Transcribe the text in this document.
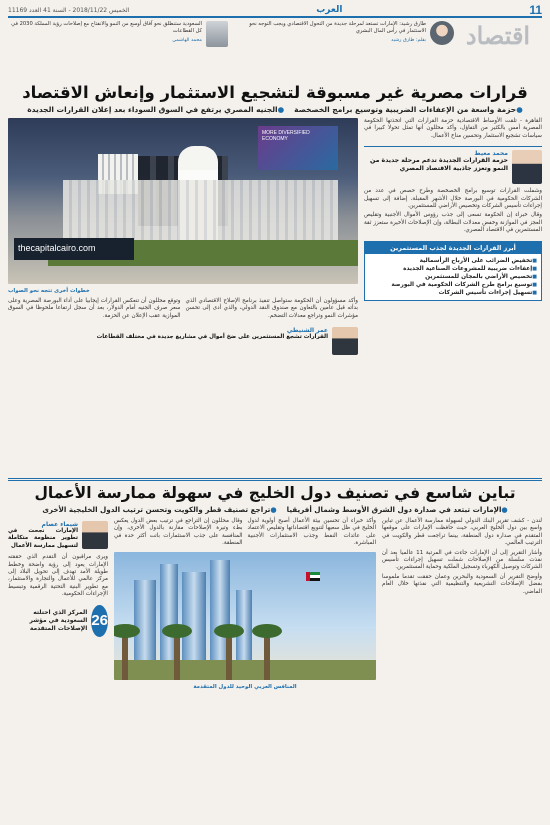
11
العرب
الخميس 2018/11/22 - السنة 41 العدد 11169
اقتصاد
طارق رشيد: الإمارات تستعد لمرحلة جديدة من التحول الاقتصادي ويجب التوجه نحو الاستثمار في رأس المال البشري
بقلم: طارق رشيد
السعودية ستنطلق نحو آفاق أوسع من النمو والانفتاح مع إصلاحات رؤية المملكة 2030 في كل القطاعات
محمد الهاشمي
قرارات مصرية غير مسبوقة لتشجيع الاستثمار وإنعاش الاقتصاد
● حزمة واسعة من الإعفاءات الضريبية وتوسيع برامج الخصخصة
● الجنيه المصري يرتفع في السوق السوداء بعد إعلان القرارات الجديدة

القاهرة - تلقت الأوساط الاقتصادية حزمة القرارات التي اتخذتها الحكومة المصرية أمس بالكثير من التفاؤل، وأكد محللون أنها تمثل تحولا كبيرا في سياسات تشجيع الاستثمار وتحسين مناخ الأعمال.

محمد معيط
حزمة القرارات الجديدة تدعم مرحلة جديدة من النمو وتعزز جاذبية الاقتصاد المصري

وشملت القرارات توسيع برامج الخصخصة وطرح حصص في عدد من الشركات الحكومية في البورصة خلال الأشهر المقبلة، إضافة إلى تسهيل إجراءات تأسيس الشركات وتخصيص الأراضي للمستثمرين.

وقال خبراء إن الحكومة تسعى إلى جذب رؤوس الأموال الأجنبية وتقليص العجز في الموازنة وخفض معدلات البطالة، وإن الإصلاحات الأخيرة ستعزز ثقة المستثمرين في الاقتصاد المصري.

أبرز القرارات الجديدة لجذب المستثمرين
■ تخفيض الضرائب على الأرباح الرأسمالية
■ إعفاءات ضريبية للمشروعات الصناعية الجديدة
■ تخصيص الأراضي بالمجان للمستثمرين
■ توسيع برامج طرح الشركات الحكومية في البورصة
■ تسهيل إجراءات تأسيس الشركات
MORE DIVERSIFIED ECONOMY
thecapitalcairo.com
خطوات أخرى تتجه نحو الصواب
وأكد مسؤولون أن الحكومة ستواصل تنفيذ برنامج الإصلاح الاقتصادي الذي بدأته قبل عامين بالتعاون مع صندوق النقد الدولي، والذي أدى إلى تحسن مؤشرات النمو وتراجع معدلات التضخم.
وتوقع محللون أن تنعكس القرارات إيجابيا على أداء البورصة المصرية وعلى سعر صرف الجنيه أمام الدولار، بعد أن سجل ارتفاعا ملحوظا في السوق الموازية عقب الإعلان عن الحزمة.
عمر الشنيطي
القرارات تشجع المستثمرين على ضخ أموال في مشاريع جديدة في مختلف القطاعات
تباين شاسع في تصنيف دول الخليج في سهولة ممارسة الأعمال
● الإمارات تبتعد في صدارة دول الشرق الأوسط وشمال أفريقيا
● تراجع تصنيف قطر والكويت وتحسن ترتيب الدول الخليجية الأخرى

لندن - كشف تقرير البنك الدولي لسهولة ممارسة الأعمال عن تباين واسع بين دول الخليج العربي، حيث حافظت الإمارات على موقعها المتقدم في صدارة دول المنطقة، بينما تراجعت قطر والكويت في الترتيب العالمي.

وأشار التقرير إلى أن الإمارات جاءت في المرتبة 11 عالميا بعد أن نفذت سلسلة من الإصلاحات شملت تسهيل إجراءات تأسيس الشركات وتوصيل الكهرباء وتسجيل الملكية وحماية المستثمرين.

وأوضح التقرير أن السعودية والبحرين وعمان حققت تقدما ملموسا بفضل الإصلاحات التشريعية والتنظيمية التي نفذتها خلال العام الماضي.

وأكد خبراء أن تحسين بيئة الأعمال أصبح أولوية لدول الخليج في ظل سعيها لتنويع اقتصاداتها وتقليص الاعتماد على عائدات النفط وجذب الاستثمارات الأجنبية المباشرة.
وقال محللون إن التراجع في ترتيب بعض الدول يعكس بطء وتيرة الإصلاحات مقارنة بالدول الأخرى، وإن المنافسة على جذب الاستثمارات باتت أكثر حدة في المنطقة.
المنافس العربي الوحيد للدول المتقدمة
شيماء عصام
الإمارات نجحت في تطوير منظومة متكاملة لتسهيل ممارسة الأعمال
ويرى مراقبون أن التقدم الذي حققته الإمارات يعود إلى رؤية واضحة وخطط طويلة الأمد تهدف إلى تحويل البلاد إلى مركز عالمي للأعمال والتجارة والاستثمار، مع تطوير البنية التحتية الرقمية وتبسيط الإجراءات الحكومية.
26
المركز الذي احتلته السعودية في مؤشر الإصلاحات المتقدمة
